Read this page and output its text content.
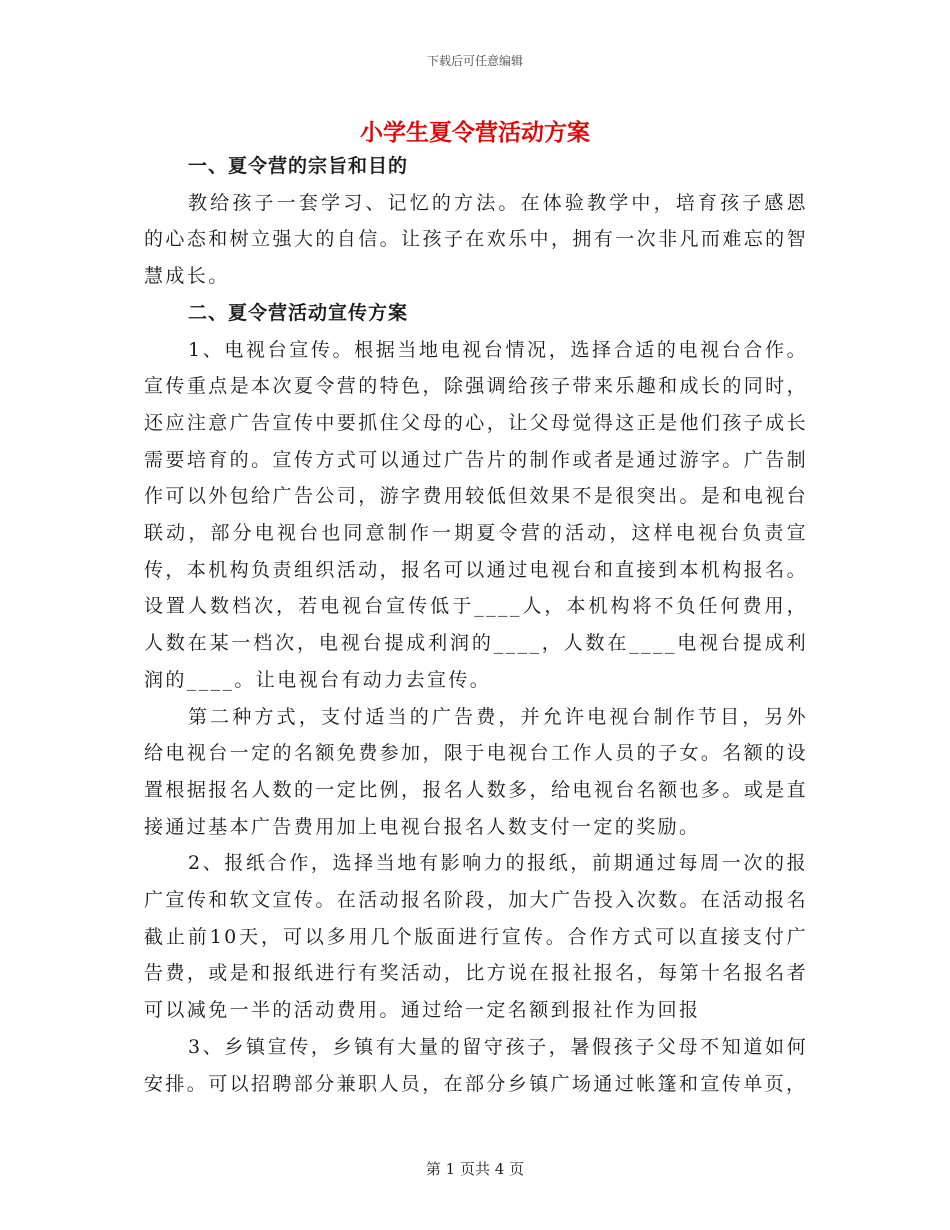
下载后可任意编辑
小学生夏令营活动方案

一、夏令营的宗旨和目的

教给孩子一套学习、记忆的方法。在体验教学中，培育孩子感恩的心态和树立强大的自信。让孩子在欢乐中，拥有一次非凡而难忘的智慧成长。

二、夏令营活动宣传方案

1、电视台宣传。根据当地电视台情况，选择合适的电视台合作。宣传重点是本次夏令营的特色，除强调给孩子带来乐趣和成长的同时，还应注意广告宣传中要抓住父母的心，让父母觉得这正是他们孩子成长需要培育的。宣传方式可以通过广告片的制作或者是通过游字。广告制作可以外包给广告公司，游字费用较低但效果不是很突出。是和电视台联动，部分电视台也同意制作一期夏令营的活动，这样电视台负责宣传，本机构负责组织活动，报名可以通过电视台和直接到本机构报名。设置人数档次，若电视台宣传低于____人，本机构将不负任何费用，人数在某一档次，电视台提成利润的____，人数在____电视台提成利润的____。让电视台有动力去宣传。

第二种方式，支付适当的广告费，并允许电视台制作节目，另外给电视台一定的名额免费参加，限于电视台工作人员的子女。名额的设置根据报名人数的一定比例，报名人数多，给电视台名额也多。或是直接通过基本广告费用加上电视台报名人数支付一定的奖励。

2、报纸合作，选择当地有影响力的报纸，前期通过每周一次的报广宣传和软文宣传。在活动报名阶段，加大广告投入次数。在活动报名截止前10天，可以多用几个版面进行宣传。合作方式可以直接支付广告费，或是和报纸进行有奖活动，比方说在报社报名，每第十名报名者可以减免一半的活动费用。通过给一定名额到报社作为回报

3、乡镇宣传，乡镇有大量的留守孩子，暑假孩子父母不知道如何安排。可以招聘部分兼职人员，在部分乡镇广场通过帐篷和宣传单页，

第 1 页共 4 页
